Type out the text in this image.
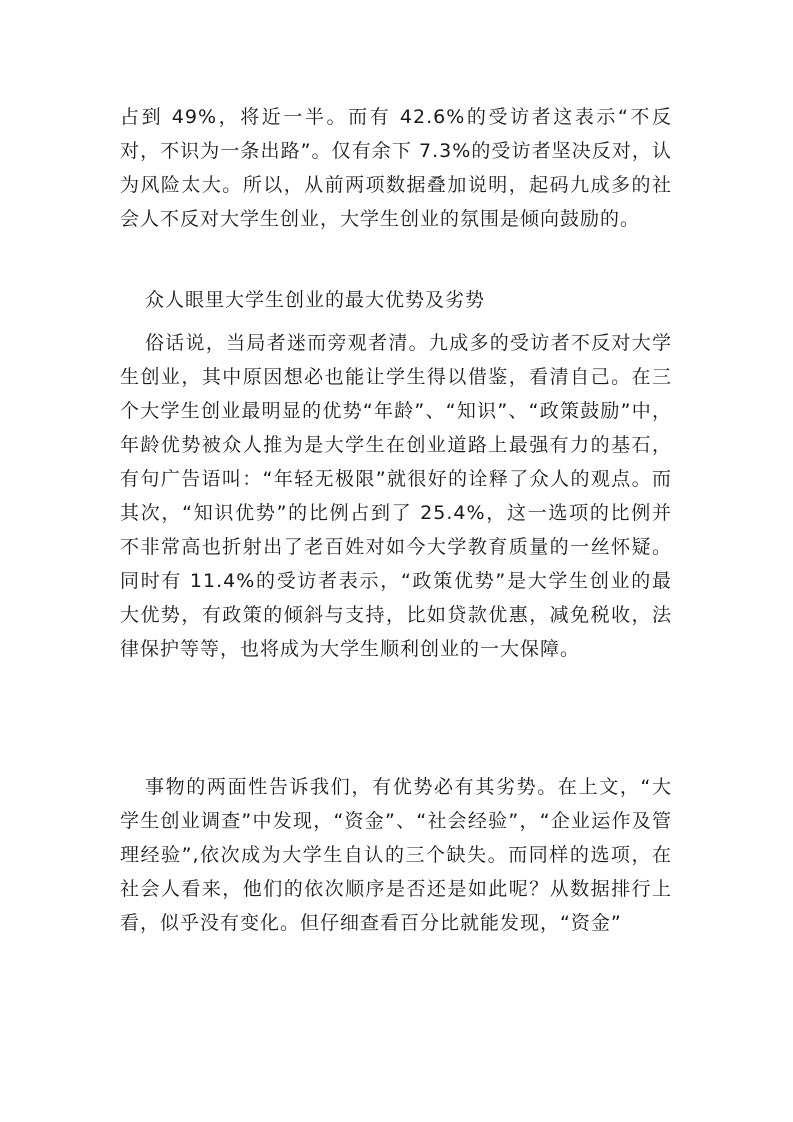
占到 49%，将近一半。而有 42.6%的受访者这表示“不反对，不识为一条出路”。仅有余下 7.3%的受访者坚决反对，认为风险太大。所以，从前两项数据叠加说明，起码九成多的社会人不反对大学生创业，大学生创业的氛围是倾向鼓励的。

众人眼里大学生创业的最大优势及劣势

俗话说，当局者迷而旁观者清。九成多的受访者不反对大学生创业，其中原因想必也能让学生得以借鉴，看清自己。在三个大学生创业最明显的优势“年龄”、“知识”、“政策鼓励”中，年龄优势被众人推为是大学生在创业道路上最强有力的基石，有句广告语叫：“年轻无极限”就很好的诠释了众人的观点。而其次，“知识优势”的比例占到了 25.4%，这一选项的比例并不非常高也折射出了老百姓对如今大学教育质量的一丝怀疑。同时有 11.4%的受访者表示，“政策优势”是大学生创业的最大优势，有政策的倾斜与支持，比如贷款优惠，减免税收，法律保护等等，也将成为大学生顺利创业的一大保障。

事物的两面性告诉我们，有优势必有其劣势。在上文，“大学生创业调查”中发现，“资金”、“社会经验”，“企业运作及管理经验”,依次成为大学生自认的三个缺失。而同样的选项，在社会人看来，他们的依次顺序是否还是如此呢？从数据排行上看，似乎没有变化。但仔细查看百分比就能发现，“资金”
